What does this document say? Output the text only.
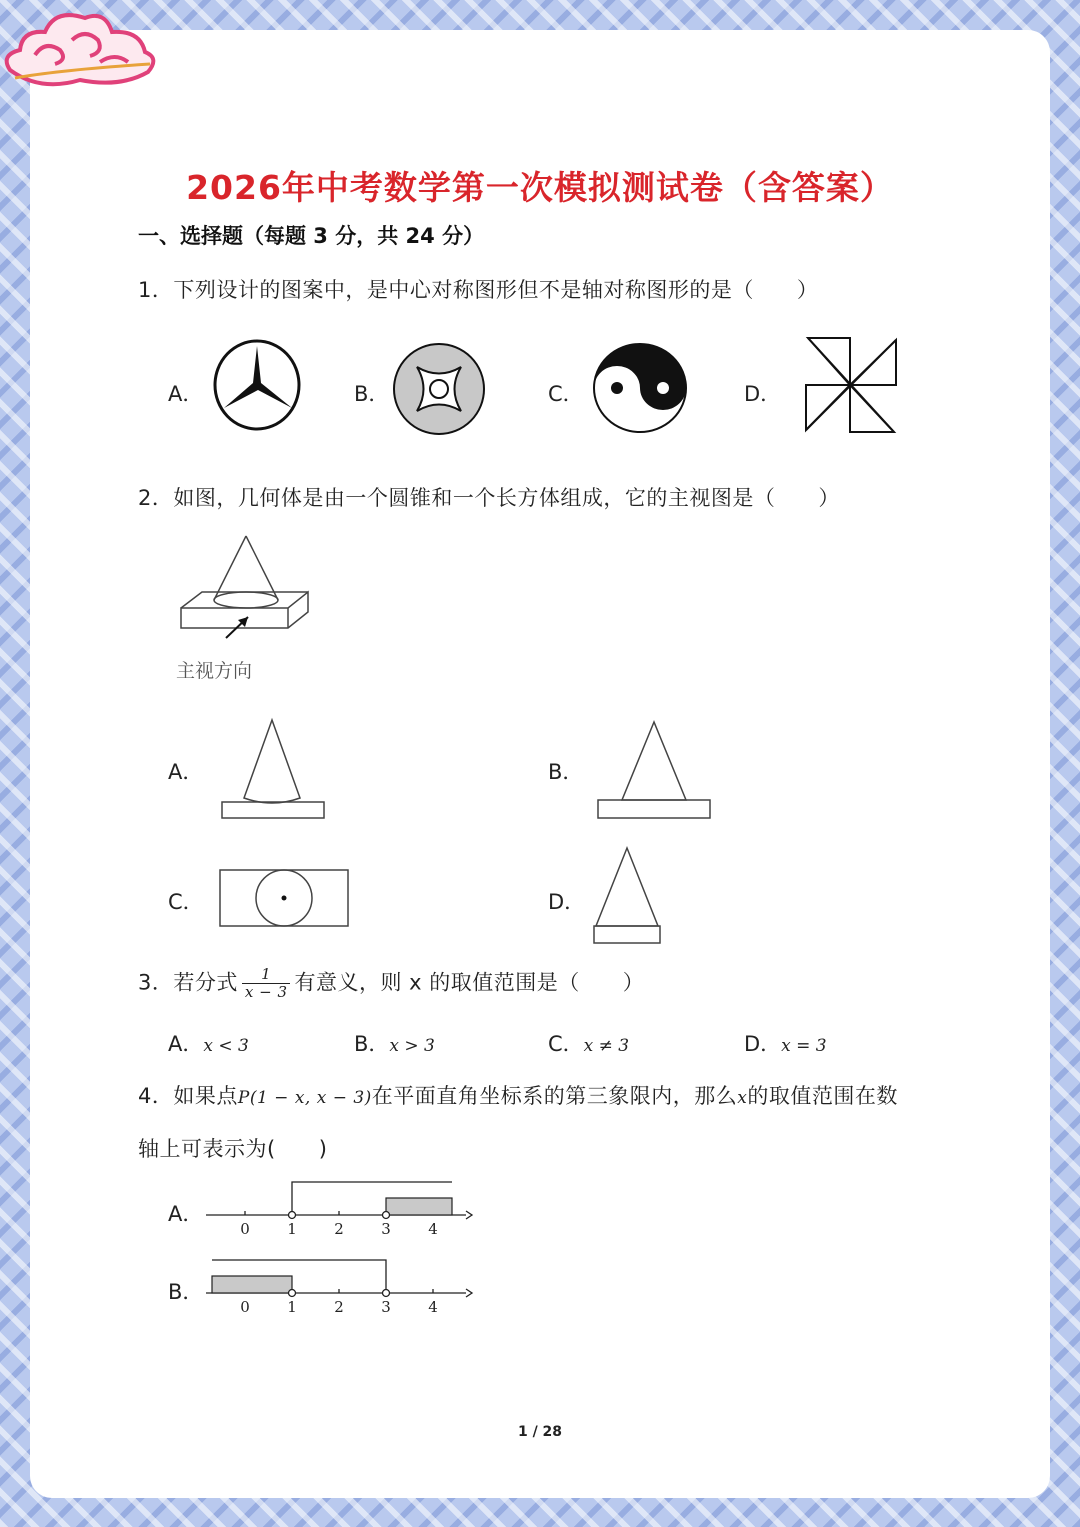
2026年中考数学第一次模拟测试卷（含答案）
一、选择题（每题 3 分，共 24 分）
1．下列设计的图案中，是中心对称图形但不是轴对称图形的是（　　）
A．	B．	C．	D．
2．如图，几何体是由一个圆锥和一个长方体组成，它的主视图是（　　）
主视方向
A．	B．
C．	D．
3．若分式 $\frac{1}{x - 3}$ 有意义，则 x 的取值范围是（　　）
A．x < 3	B．x > 3	C．x ≠ 3	D．x = 3
4．如果点P(1 − x, x − 3)在平面直角坐标系的第三象限内，那么x的取值范围在数
轴上可表示为(　　)
A．
0 1 2 3 4
B．
0 1 2 3 4
1 / 28
